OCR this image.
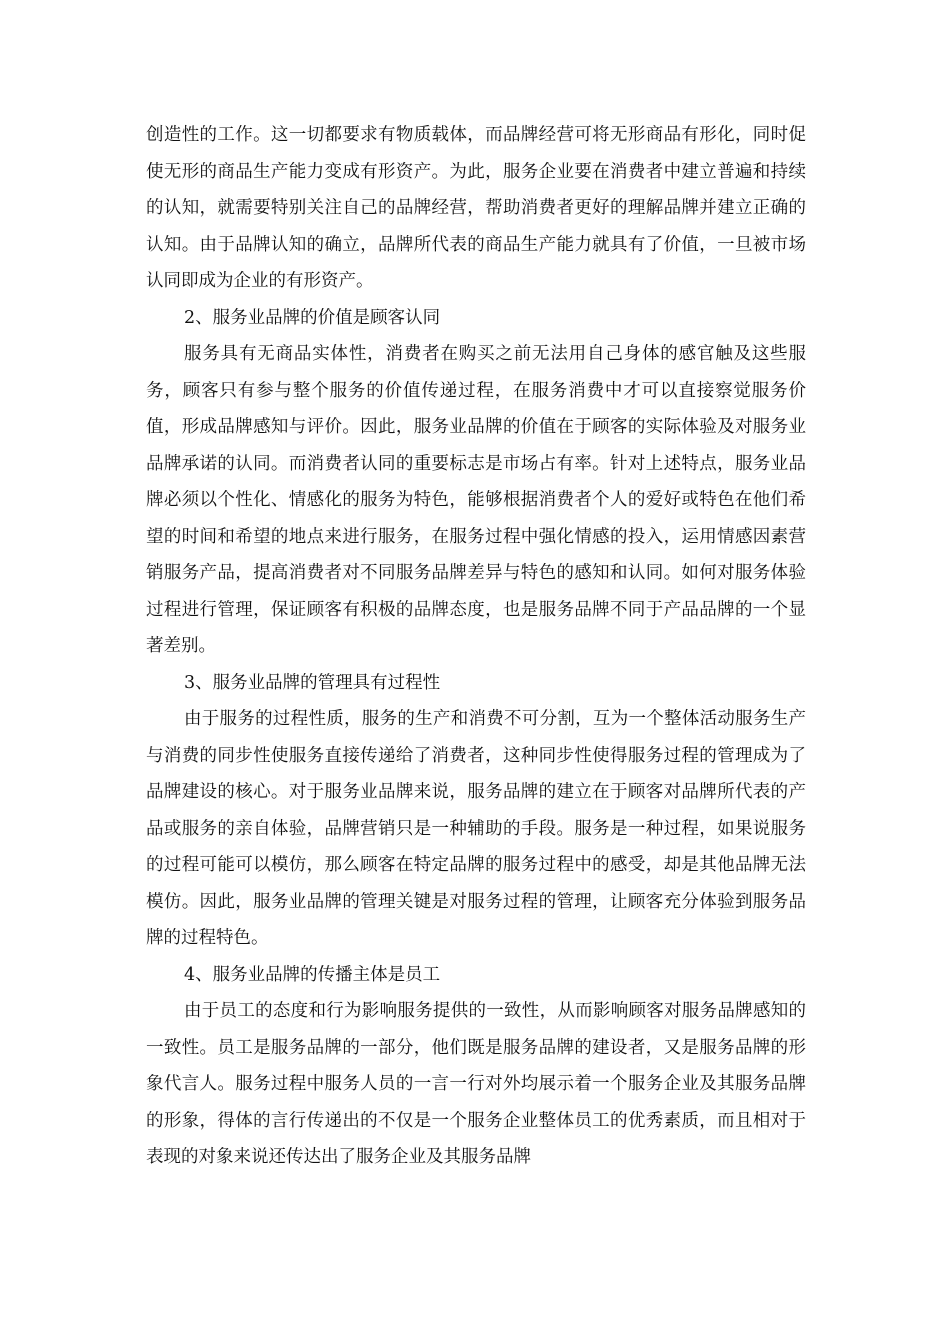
创造性的工作。这一切都要求有物质载体，而品牌经营可将无形商品有形化，同时促使无形的商品生产能力变成有形资产。为此，服务企业要在消费者中建立普遍和持续的认知，就需要特别关注自己的品牌经营，帮助消费者更好的理解品牌并建立正确的认知。由于品牌认知的确立，品牌所代表的商品生产能力就具有了价值，一旦被市场认同即成为企业的有形资产。

2、服务业品牌的价值是顾客认同

服务具有无商品实体性，消费者在购买之前无法用自己身体的感官触及这些服务，顾客只有参与整个服务的价值传递过程，在服务消费中才可以直接察觉服务价值，形成品牌感知与评价。因此，服务业品牌的价值在于顾客的实际体验及对服务业品牌承诺的认同。而消费者认同的重要标志是市场占有率。针对上述特点，服务业品牌必须以个性化、情感化的服务为特色，能够根据消费者个人的爱好或特色在他们希望的时间和希望的地点来进行服务，在服务过程中强化情感的投入，运用情感因素营销服务产品，提高消费者对不同服务品牌差异与特色的感知和认同。如何对服务体验过程进行管理，保证顾客有积极的品牌态度，也是服务品牌不同于产品品牌的一个显著差别。

3、服务业品牌的管理具有过程性

由于服务的过程性质，服务的生产和消费不可分割，互为一个整体活动服务生产与消费的同步性使服务直接传递给了消费者，这种同步性使得服务过程的管理成为了品牌建设的核心。对于服务业品牌来说，服务品牌的建立在于顾客对品牌所代表的产品或服务的亲自体验，品牌营销只是一种辅助的手段。服务是一种过程，如果说服务的过程可能可以模仿，那么顾客在特定品牌的服务过程中的感受，却是其他品牌无法模仿。因此，服务业品牌的管理关键是对服务过程的管理，让顾客充分体验到服务品牌的过程特色。

4、服务业品牌的传播主体是员工

由于员工的态度和行为影响服务提供的一致性，从而影响顾客对服务品牌感知的一致性。员工是服务品牌的一部分，他们既是服务品牌的建设者，又是服务品牌的形象代言人。服务过程中服务人员的一言一行对外均展示着一个服务企业及其服务品牌的形象，得体的言行传递出的不仅是一个服务企业整体员工的优秀素质，而且相对于表现的对象来说还传达出了服务企业及其服务品牌
